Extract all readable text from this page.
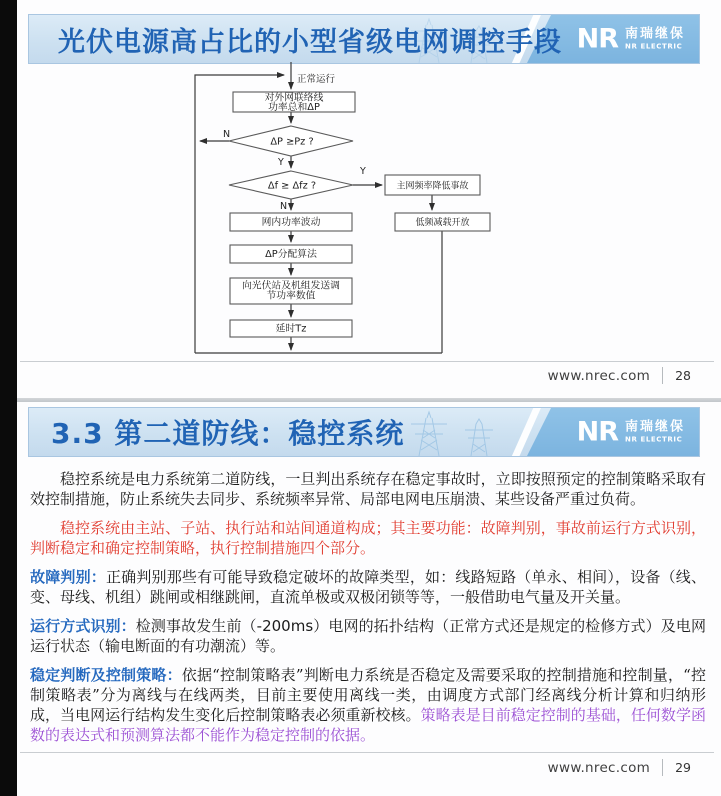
NR 南瑞继保
NR ELECTRIC
光伏电源高占比的小型省级电网调控手段
正常运行
对外网联络线
功率总和ΔP
ΔP ≥Pz ?
N
Y
Δf ≥ Δfz ?
Y
N
主网频率降低事故
低频减载开放
网内功率波动
ΔP分配算法
向光伏站及机组发送调
节功率数值
延时Tz
www.nrec.com 28
NR 南瑞继保
NR ELECTRIC
3.3 第二道防线：稳控系统

稳控系统是电力系统第二道防线，一旦判出系统存在稳定事故时，立即按照预定的控制策略采取有效控制措施，防止系统失去同步、系统频率异常、局部电网电压崩溃、某些设备严重过负荷。

稳控系统由主站、子站、执行站和站间通道构成；其主要功能：故障判别，事故前运行方式识别，判断稳定和确定控制策略，执行控制措施四个部分。

故障判别：正确判别那些有可能导致稳定破坏的故障类型，如：线路短路（单永、相间），设备（线、变、母线、机组）跳闸或相继跳闸，直流单极或双极闭锁等等，一般借助电气量及开关量。

运行方式识别：检测事故发生前（-200ms）电网的拓扑结构（正常方式还是规定的检修方式）及电网运行状态（输电断面的有功潮流）等。

稳定判断及控制策略：依据“控制策略表”判断电力系统是否稳定及需要采取的控制措施和控制量，“控制策略表”分为离线与在线两类，目前主要使用离线一类，由调度方式部门经离线分析计算和归纳形成，当电网运行结构发生变化后控制策略表必须重新校核。策略表是目前稳定控制的基础，任何数学函数的表达式和预测算法都不能作为稳定控制的依据。

www.nrec.com 29
